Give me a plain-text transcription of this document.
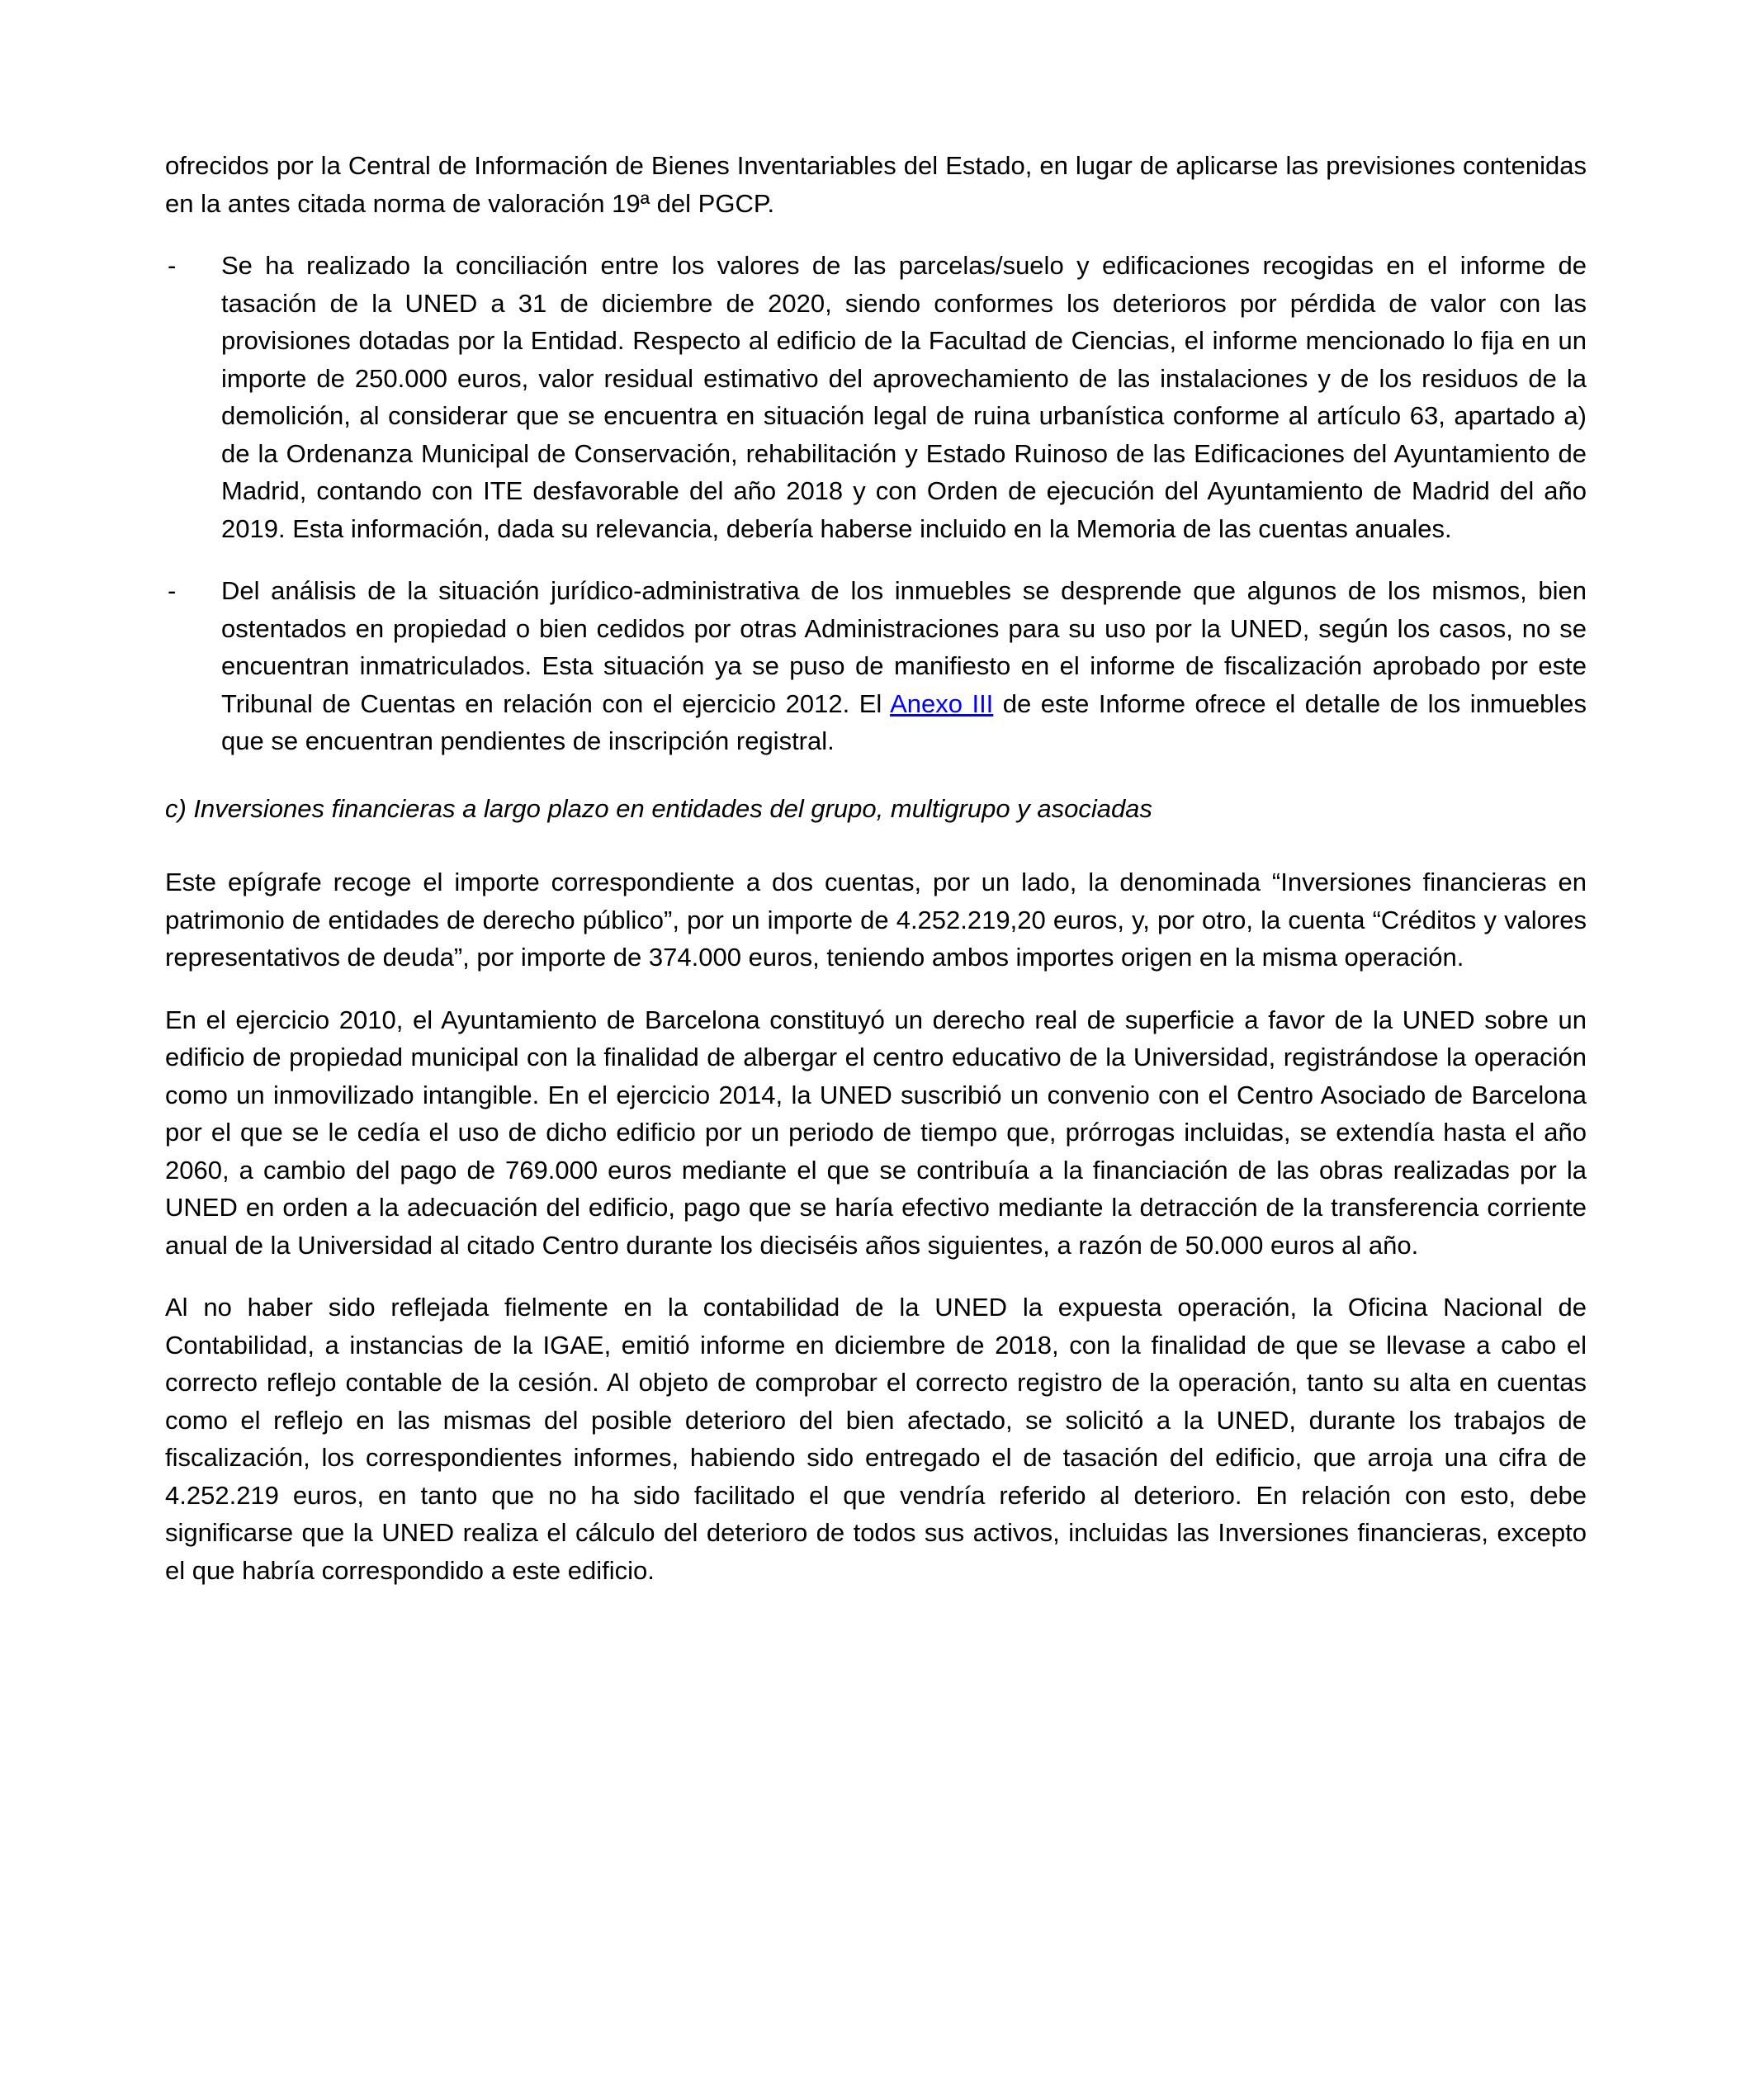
ofrecidos por la Central de Información de Bienes Inventariables del Estado, en lugar de aplicarse las previsiones contenidas en la antes citada norma de valoración 19ª del PGCP.

- Se ha realizado la conciliación entre los valores de las parcelas/suelo y edificaciones recogidas en el informe de tasación de la UNED a 31 de diciembre de 2020, siendo conformes los deterioros por pérdida de valor con las provisiones dotadas por la Entidad. Respecto al edificio de la Facultad de Ciencias, el informe mencionado lo fija en un importe de 250.000 euros, valor residual estimativo del aprovechamiento de las instalaciones y de los residuos de la demolición, al considerar que se encuentra en situación legal de ruina urbanística conforme al artículo 63, apartado a) de la Ordenanza Municipal de Conservación, rehabilitación y Estado Ruinoso de las Edificaciones del Ayuntamiento de Madrid, contando con ITE desfavorable del año 2018 y con Orden de ejecución del Ayuntamiento de Madrid del año 2019. Esta información, dada su relevancia, debería haberse incluido en la Memoria de las cuentas anuales.
- Del análisis de la situación jurídico-administrativa de los inmuebles se desprende que algunos de los mismos, bien ostentados en propiedad o bien cedidos por otras Administraciones para su uso por la UNED, según los casos, no se encuentran inmatriculados. Esta situación ya se puso de manifiesto en el informe de fiscalización aprobado por este Tribunal de Cuentas en relación con el ejercicio 2012. El Anexo III de este Informe ofrece el detalle de los inmuebles que se encuentran pendientes de inscripción registral.
c) Inversiones financieras a largo plazo en entidades del grupo, multigrupo y asociadas

Este epígrafe recoge el importe correspondiente a dos cuentas, por un lado, la denominada “Inversiones financieras en patrimonio de entidades de derecho público”, por un importe de 4.252.219,20 euros, y, por otro, la cuenta “Créditos y valores representativos de deuda”, por importe de 374.000 euros, teniendo ambos importes origen en la misma operación.

En el ejercicio 2010, el Ayuntamiento de Barcelona constituyó un derecho real de superficie a favor de la UNED sobre un edificio de propiedad municipal con la finalidad de albergar el centro educativo de la Universidad, registrándose la operación como un inmovilizado intangible. En el ejercicio 2014, la UNED suscribió un convenio con el Centro Asociado de Barcelona por el que se le cedía el uso de dicho edificio por un periodo de tiempo que, prórrogas incluidas, se extendía hasta el año 2060, a cambio del pago de 769.000 euros mediante el que se contribuía a la financiación de las obras realizadas por la UNED en orden a la adecuación del edificio, pago que se haría efectivo mediante la detracción de la transferencia corriente anual de la Universidad al citado Centro durante los dieciséis años siguientes, a razón de 50.000 euros al año.

Al no haber sido reflejada fielmente en la contabilidad de la UNED la expuesta operación, la Oficina Nacional de Contabilidad, a instancias de la IGAE, emitió informe en diciembre de 2018, con la finalidad de que se llevase a cabo el correcto reflejo contable de la cesión. Al objeto de comprobar el correcto registro de la operación, tanto su alta en cuentas como el reflejo en las mismas del posible deterioro del bien afectado, se solicitó a la UNED, durante los trabajos de fiscalización, los correspondientes informes, habiendo sido entregado el de tasación del edificio, que arroja una cifra de 4.252.219 euros, en tanto que no ha sido facilitado el que vendría referido al deterioro. En relación con esto, debe significarse que la UNED realiza el cálculo del deterioro de todos sus activos, incluidas las Inversiones financieras, excepto el que habría correspondido a este edificio.
